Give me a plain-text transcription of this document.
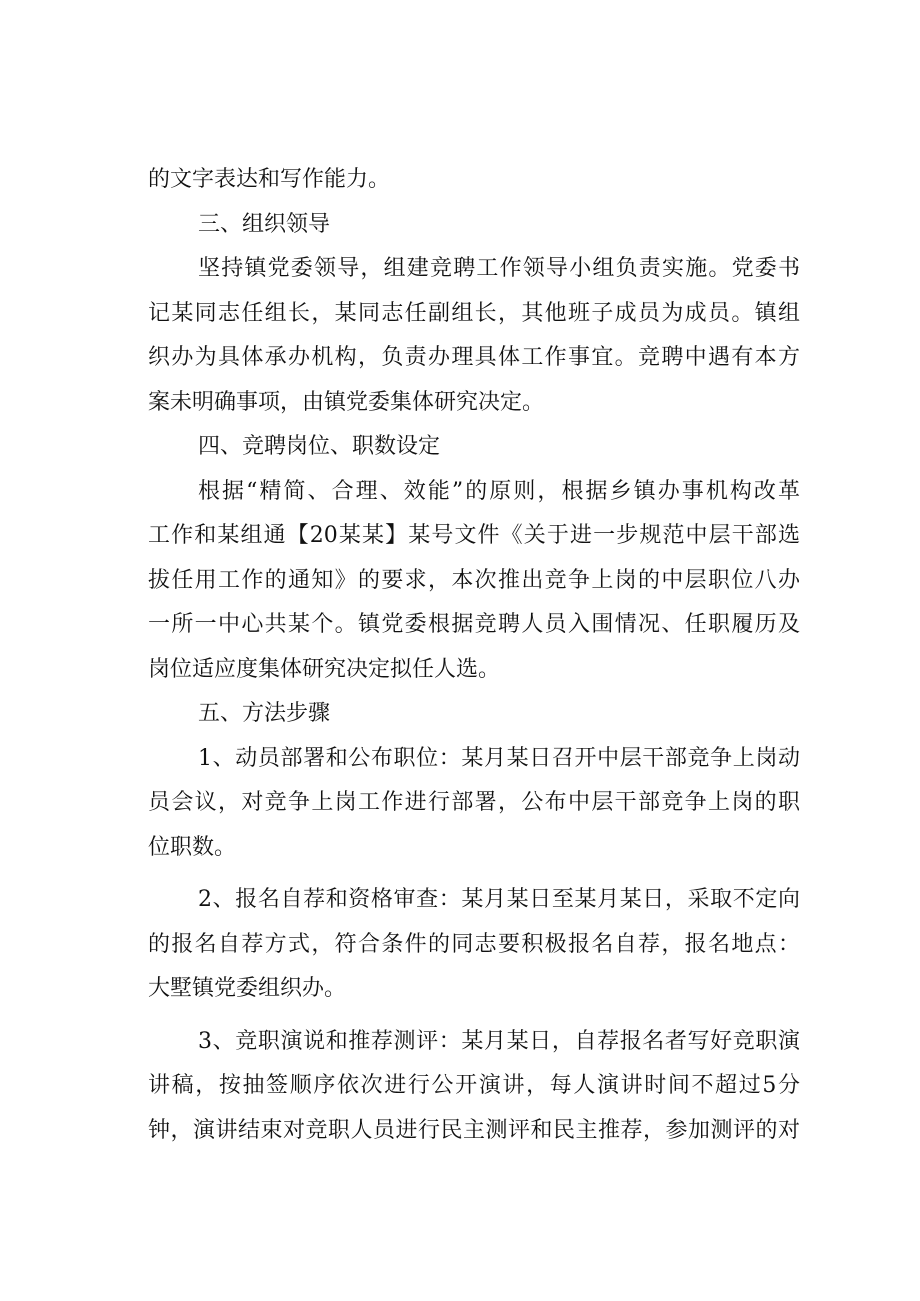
的文字表达和写作能力。
三、组织领导
坚持镇党委领导，组建竞聘工作领导小组负责实施。党委书
记某同志任组长，某同志任副组长，其他班子成员为成员。镇组
织办为具体承办机构，负责办理具体工作事宜。竞聘中遇有本方
案未明确事项，由镇党委集体研究决定。
四、竞聘岗位、职数设定
根据“精简、合理、效能”的原则，根据乡镇办事机构改革
工作和某组通【20某某】某号文件《关于进一步规范中层干部选
拔任用工作的通知》的要求，本次推出竞争上岗的中层职位八办
一所一中心共某个。镇党委根据竞聘人员入围情况、任职履历及
岗位适应度集体研究决定拟任人选。
五、方法步骤
1、动员部署和公布职位：某月某日召开中层干部竞争上岗动
员会议，对竞争上岗工作进行部署，公布中层干部竞争上岗的职
位职数。
2、报名自荐和资格审查：某月某日至某月某日，采取不定向
的报名自荐方式，符合条件的同志要积极报名自荐，报名地点：
大墅镇党委组织办。
3、竞职演说和推荐测评：某月某日，自荐报名者写好竞职演
讲稿，按抽签顺序依次进行公开演讲，每人演讲时间不超过5分
钟，演讲结束对竞职人员进行民主测评和民主推荐，参加测评的对
